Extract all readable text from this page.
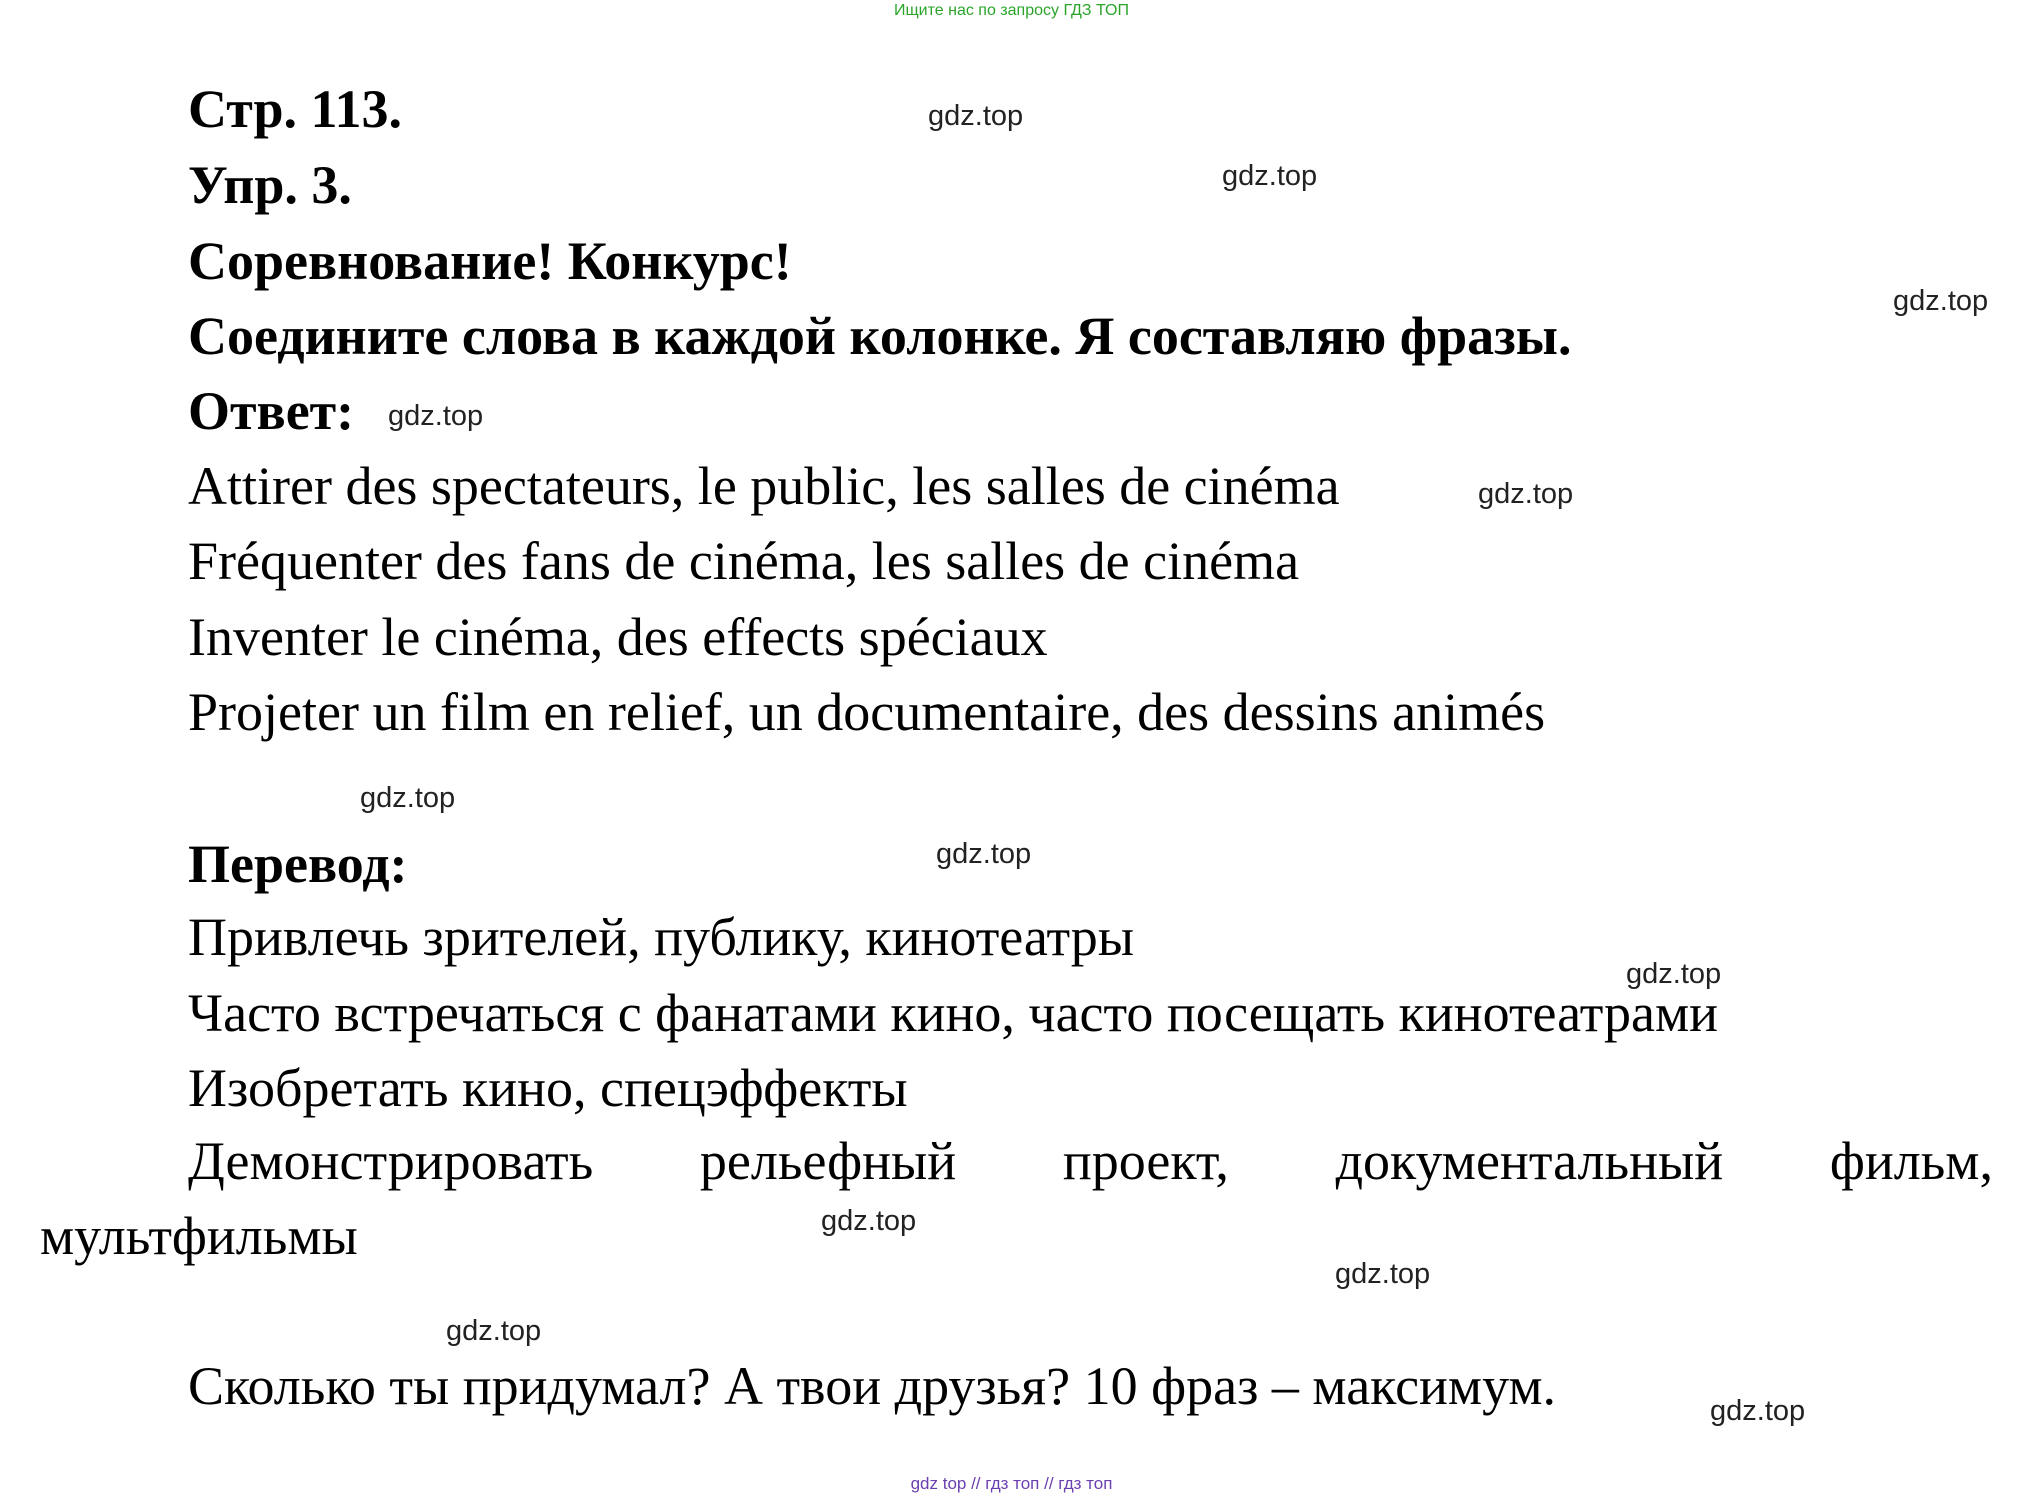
Ищите нас по запросу ГДЗ ТОП
Стр. 113.
Упр. 3.
Соревнование! Конкурс!
Соедините слова в каждой колонке. Я составляю фразы.
Ответ:
Attirer des spectateurs, le public, les salles de cinéma
Fréquenter des fans de cinéma, les salles de cinéma
Inventer le cinéma, des effects spéciaux
Projeter un film en relief, un documentaire, des dessins animés
Перевод:
Привлечь зрителей, публику, кинотеатры
Часто встречаться с фанатами кино, часто посещать кинотеатрами
Изобретать кино, спецэффекты
Демонстрировать рельефный проект, документальный фильм,
мультфильмы
Сколько ты придумал? А твои друзья? 10 фраз – максимум.
gdz.top
gdz.top
gdz.top
gdz.top
gdz.top
gdz.top
gdz.top
gdz.top
gdz.top
gdz.top
gdz.top
gdz.top
gdz top // гдз топ // гдз топ
